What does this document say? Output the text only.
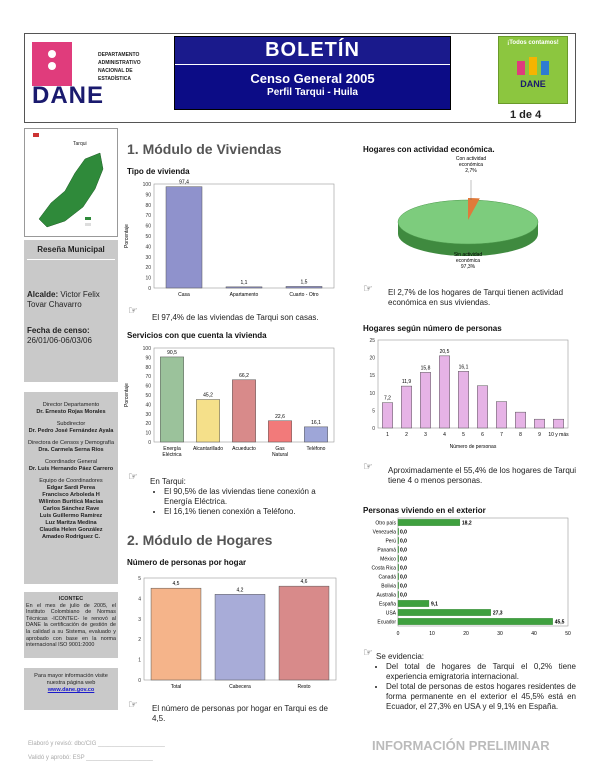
DEPARTAMENTO
ADMINISTRATIVO
NACIONAL DE
ESTADÍSTICA
DANE
BOLETÍN
Censo General 2005
Perfil Tarqui - Huila
¡Todos contamos!
DANE
1 de 4
Tarqui
Reseña Municipal
Alcalde: Victor Felix Tovar Chavarro
Fecha de censo:
26/01/06-06/03/06
Director Departamento
Dr. Ernesto Rojas Morales
Subdirector
Dr. Pedro José Fernández Ayala
Directora de Censos y Demografía
Dra. Carmela Serna Ríos
Coordinador General
Dr. Luis Hernando Páez Carrero
Equipo de Coordinadores
Edgar Sardi Perea
Francisco Arboleda H
Wilinton Buriticá Macías
Carlos Sánchez Rave
Luis Guillermo Ramírez
Luz Maritza Medina
Claudia Helen González
Amadeo Rodríguez C.
ICONTEC
En el mes de julio de 2005, el Instituto Colombiano de Normas Técnicas -ICONTEC- le renovó al DANE la certificación de gestión de la calidad a su Sistema, evaluado y aprobado con base en la norma internacional ISO 9001:2000
Para mayor información visite nuestra página web
www.dane.gov.co
1. Módulo de Viviendas
Tipo de vivienda
0
10
20
30
40
50
60
70
80
90
100
Porcentaje
97,4
Casa
1,1
Apartamento
1,5
Cuarto - Otro
☞
El 97,4% de las viviendas de Tarqui son casas.
Servicios con que cuenta la vivienda
0
10
20
30
40
50
60
70
80
90
100
Porcentaje
90,5
Energía
Eléctrica
45,2
Alcantarillado
66,2
Acueducto
22,6
Gas
Natural
16,1
Teléfono
☞ En Tarqui:
• El 90,5% de las viviendas tiene conexión a Energía Eléctrica.
• El 16,1% tienen conexión a Teléfono.
2. Módulo de Hogares
Número de personas por hogar
0
1
2
3
4
5
4,5
Total
4,2
Cabecera
4,6
Resto
☞ El número de personas por hogar en Tarqui es de 4,5.
Hogares con actividad económica.
Con actividad
económica
2,7%
Sin actividad
económica
97,3%
☞ El 2,7% de los hogares de Tarqui tienen actividad económica en sus viviendas.
Hogares según número de personas
0
5
10
15
20
25
7,2
1
11,9
2
15,8
3
20,5
4
16,1
5	6	7	8	9 10 y más
Número de personas
☞ Aproximadamente el 55,4% de los hogares de Tarqui tiene 4 o menos personas.
Personas viviendo en el exterior
0	10	20	30	40	50
Otro país	18,2
Venezuela 0,0
Perú 0,0
Panamá 0,0
México 0,0
Costa Rica 0,0
Canadá 0,0
Bolivia 0,0
Australia 0,0
España	9,1
USA	27,3
Ecuador	45,5
☞ Se evidencia:
• Del total de hogares de Tarqui el 0,2% tiene experiencia emigratoria internacional.
• Del total de personas de estos hogares residentes de forma permanente en el exterior el 45,5% está en Ecuador, el 27,3% en USA y el 9,1% en España.
Elaboró y revisó: dbc/CIG ____________________
Validó y aprobó: ESP ____________________
INFORMACIÓN PRELIMINAR
